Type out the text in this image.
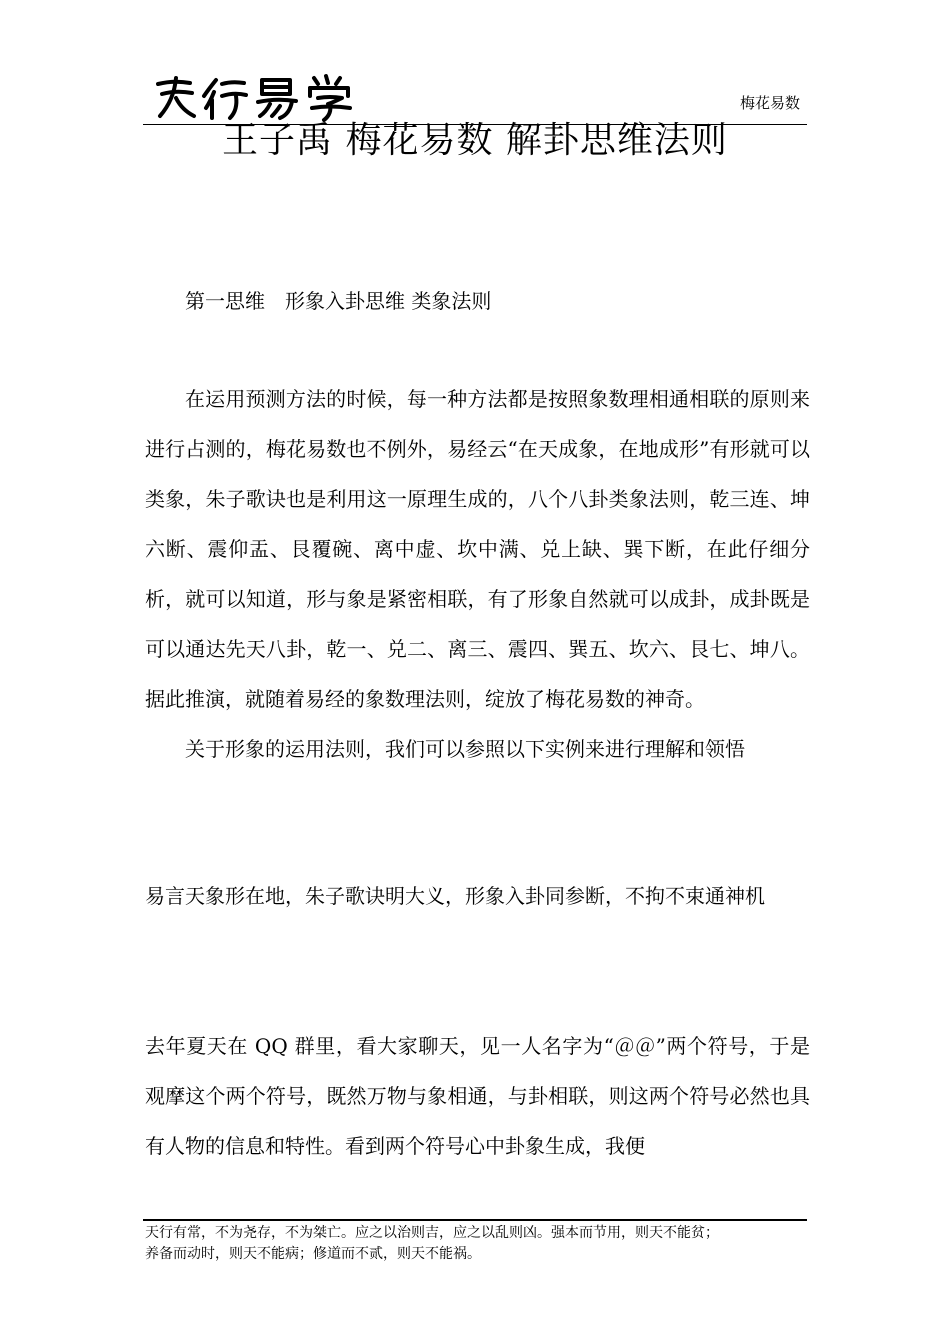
梅花易数
王子禹 梅花易数 解卦思维法则
第一思维　形象入卦思维 类象法则

在运用预测方法的时候，每一种方法都是按照象数理相通相联的原则来进行占测的，梅花易数也不例外，易经云“在天成象，在地成形”有形就可以类象，朱子歌诀也是利用这一原理生成的，八个八卦类象法则，乾三连、坤六断、震仰盂、艮覆碗、离中虚、坎中满、兑上缺、巽下断，在此仔细分析，就可以知道，形与象是紧密相联，有了形象自然就可以成卦，成卦既是可以通达先天八卦，乾一、兑二、离三、震四、巽五、坎六、艮七、坤八。据此推演，就随着易经的象数理法则，绽放了梅花易数的神奇。

关于形象的运用法则，我们可以参照以下实例来进行理解和领悟

易言天象形在地，朱子歌诀明大义，形象入卦同参断，不拘不束通神机

去年夏天在 QQ 群里，看大家聊天，见一人名字为“＠＠”两个符号，于是观摩这个两个符号，既然万物与象相通，与卦相联，则这两个符号必然也具有人物的信息和特性。看到两个符号心中卦象生成，我便

天行有常，不为尧存，不为桀亡。应之以治则吉，应之以乱则凶。强本而节用，则天不能贫；
养备而动时，则天不能病；修道而不贰，则天不能祸。
